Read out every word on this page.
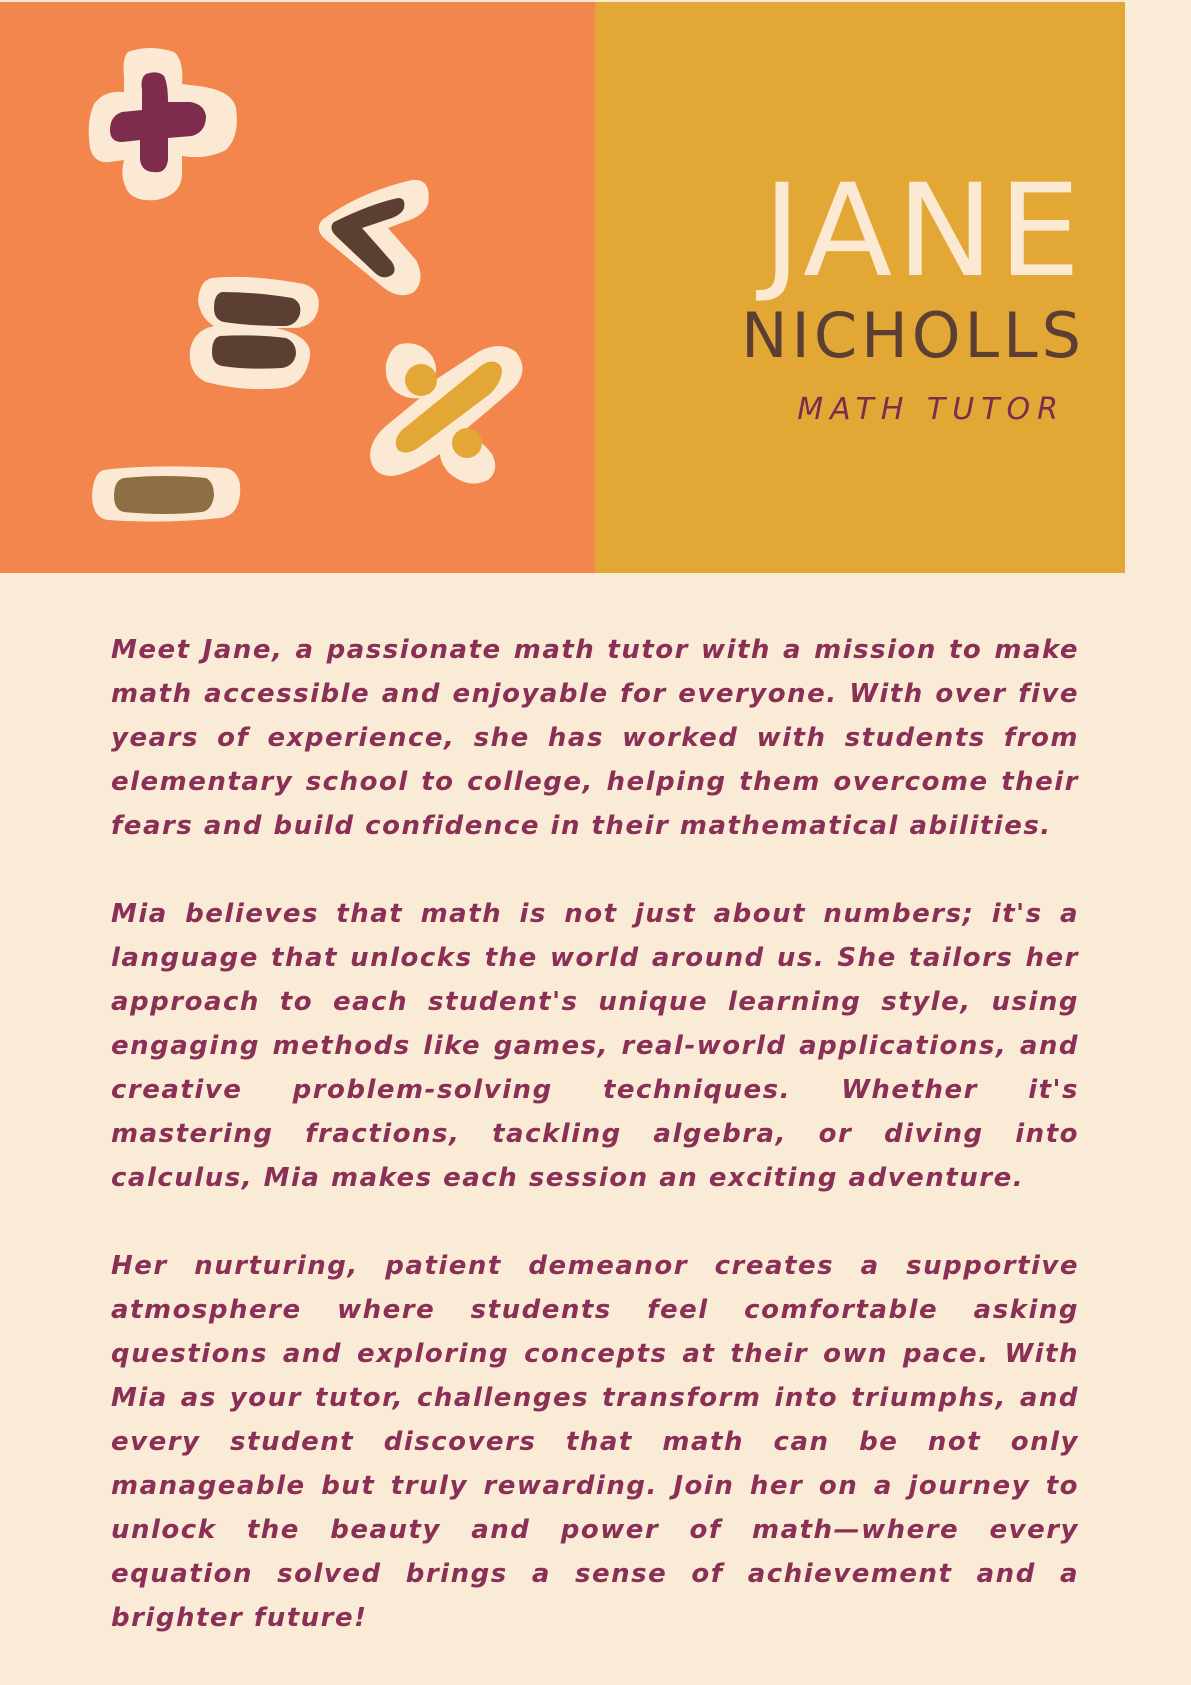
JANE
NICHOLLS
MATH TUTOR

Meet Jane, a passionate math tutor with a mission to make math accessible and enjoyable for everyone. With over five years of experience, she has worked with students from elementary school to college, helping them overcome their fears and build confidence in their mathematical abilities.

Mia believes that math is not just about numbers; it's a language that unlocks the world around us. She tailors her approach to each student's unique learning style, using engaging methods like games, real-world applications, and creative problem-solving techniques. Whether it's mastering fractions, tackling algebra, or diving into calculus, Mia makes each session an exciting adventure.

Her nurturing, patient demeanor creates a supportive atmosphere where students feel comfortable asking questions and exploring concepts at their own pace. With Mia as your tutor, challenges transform into triumphs, and every student discovers that math can be not only manageable but truly rewarding. Join her on a journey to unlock the beauty and power of math—where every equation solved brings a sense of achievement and a brighter future!
